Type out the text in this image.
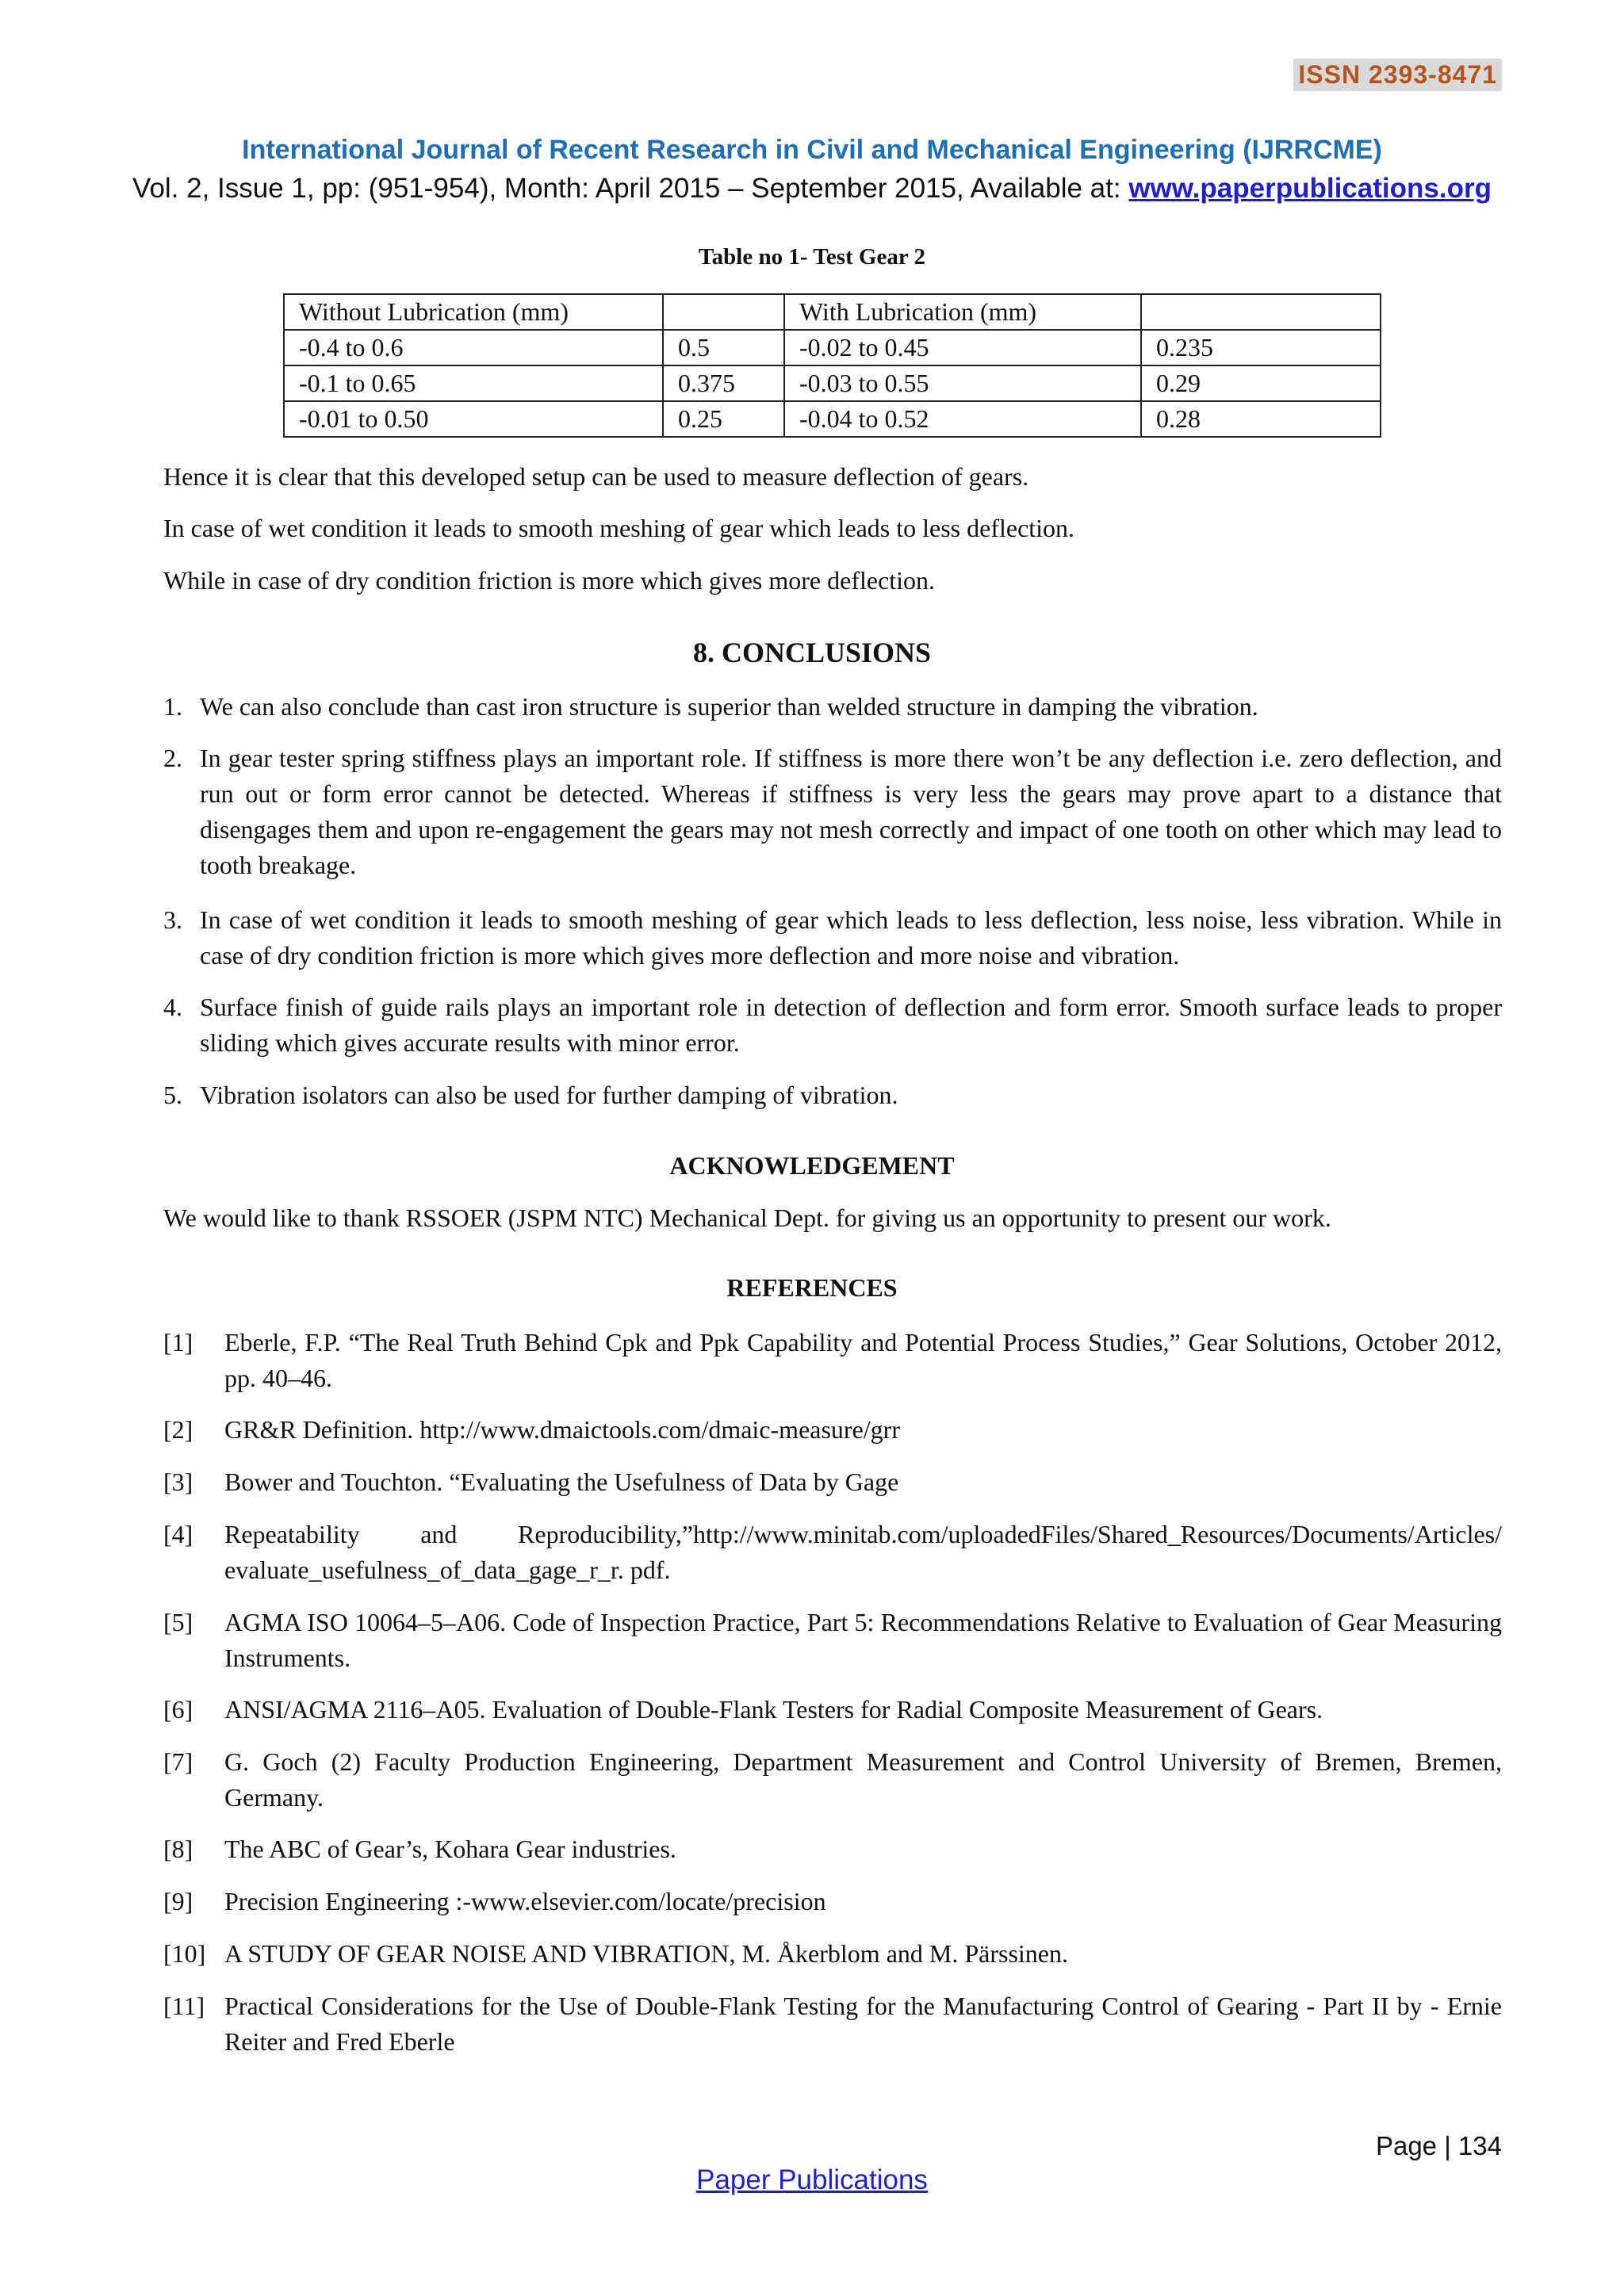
ISSN 2393-8471
International Journal of Recent Research in Civil and Mechanical Engineering (IJRRCME)
Vol. 2, Issue 1, pp: (951-954), Month: April 2015 – September 2015, Available at: www.paperpublications.org
Table no 1- Test Gear 2
Without Lubrication (mm)		With Lubrication (mm)	
-0.4 to 0.6	0.5	-0.02 to 0.45	0.235
-0.1 to 0.65	0.375	-0.03 to 0.55	0.29
-0.01 to 0.50	0.25	-0.04 to 0.52	0.28
Hence it is clear that this developed setup can be used to measure deflection of gears.
In case of wet condition it leads to smooth meshing of gear which leads to less deflection.
While in case of dry condition friction is more which gives more deflection.
8. CONCLUSIONS
1. We can also conclude than cast iron structure is superior than welded structure in damping the vibration.
2. In gear tester spring stiffness plays an important role. If stiffness is more there won’t be any deflection i.e. zero deflection, and run out or form error cannot be detected. Whereas if stiffness is very less the gears may prove apart to a distance that disengages them and upon re-engagement the gears may not mesh correctly and impact of one tooth on other which may lead to tooth breakage.
3. In case of wet condition it leads to smooth meshing of gear which leads to less deflection, less noise, less vibration. While in case of dry condition friction is more which gives more deflection and more noise and vibration.
4. Surface finish of guide rails plays an important role in detection of deflection and form error. Smooth surface leads to proper sliding which gives accurate results with minor error.
5. Vibration isolators can also be used for further damping of vibration.
ACKNOWLEDGEMENT
We would like to thank RSSOER (JSPM NTC) Mechanical Dept. for giving us an opportunity to present our work.
REFERENCES
[1] Eberle, F.P. “The Real Truth Behind Cpk and Ppk Capability and Potential Process Studies,” Gear Solutions, October 2012, pp. 40–46.
[2] GR&R Definition. http://www.dmaictools.com/dmaic-measure/grr
[3] Bower and Touchton. “Evaluating the Usefulness of Data by Gage
[4] Repeatability and Reproducibility,”http://www.minitab.com/uploadedFiles/Shared_Resources/Documents/Articles/ evaluate_usefulness_of_data_gage_r_r. pdf.
[5] AGMA ISO 10064–5–A06. Code of Inspection Practice, Part 5: Recommendations Relative to Evaluation of Gear Measuring Instruments.
[6] ANSI/AGMA 2116–A05. Evaluation of Double-Flank Testers for Radial Composite Measurement of Gears.
[7] G. Goch (2) Faculty Production Engineering, Department Measurement and Control University of Bremen, Bremen, Germany.
[8] The ABC of Gear’s, Kohara Gear industries.
[9] Precision Engineering :-www.elsevier.com/locate/precision
[10] A STUDY OF GEAR NOISE AND VIBRATION, M. Åkerblom and M. Pärssinen.
[11] Practical Considerations for the Use of Double-Flank Testing for the Manufacturing Control of Gearing - Part II by - Ernie Reiter and Fred Eberle
Page | 134
Paper Publications
